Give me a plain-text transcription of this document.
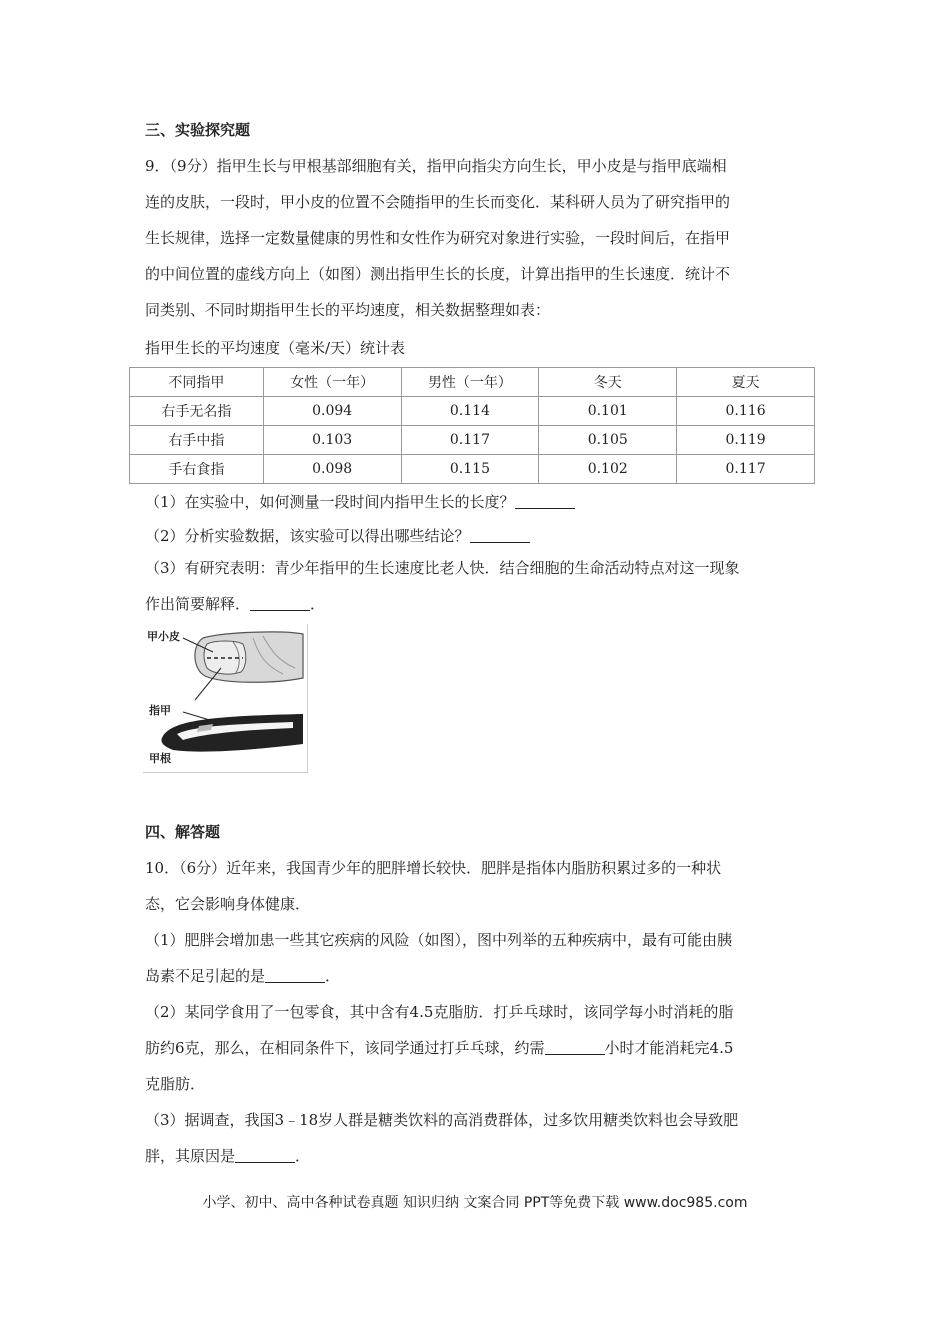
三、实验探究题
9．（9分）指甲生长与甲根基部细胞有关，指甲向指尖方向生长，甲小皮是与指甲底端相
连的皮肤，一段时，甲小皮的位置不会随指甲的生长而变化．某科研人员为了研究指甲的
生长规律，选择一定数量健康的男性和女性作为研究对象进行实验，一段时间后，在指甲
的中间位置的虚线方向上（如图）测出指甲生长的长度，计算出指甲的生长速度．统计不
同类别、不同时期指甲生长的平均速度，相关数据整理如表：
指甲生长的平均速度（毫米/天）统计表
不同指甲	女性（一年）	男性（一年）	冬天	夏天
右手无名指	0.094	0.114	0.101	0.116
右手中指	0.103	0.117	0.105	0.119
手右食指	0.098	0.115	0.102	0.117
（1）在实验中，如何测量一段时间内指甲生长的长度？
（2）分析实验数据，该实验可以得出哪些结论？
（3）有研究表明：青少年指甲的生长速度比老人快．结合细胞的生命活动特点对这一现象
作出简要解释．	．
甲小皮
指甲
甲根
四、解答题
10．（6分）近年来，我国青少年的肥胖增长较快．肥胖是指体内脂肪积累过多的一种状
态，它会影响身体健康．
（1）肥胖会增加患一些其它疾病的风险（如图），图中列举的五种疾病中，最有可能由胰
岛素不足引起的是	．
（2）某同学食用了一包零食，其中含有4.5克脂肪．打乒乓球时，该同学每小时消耗的脂
肪约6克，那么，在相同条件下，该同学通过打乒乓球，约需	小时才能消耗完4.5
克脂肪．
（3）据调查，我国3﹣18岁人群是糖类饮料的高消费群体，过多饮用糖类饮料也会导致肥
胖，其原因是	．
小学、初中、高中各种试卷真题 知识归纳 文案合同 PPT等免费下载 www.doc985.com
